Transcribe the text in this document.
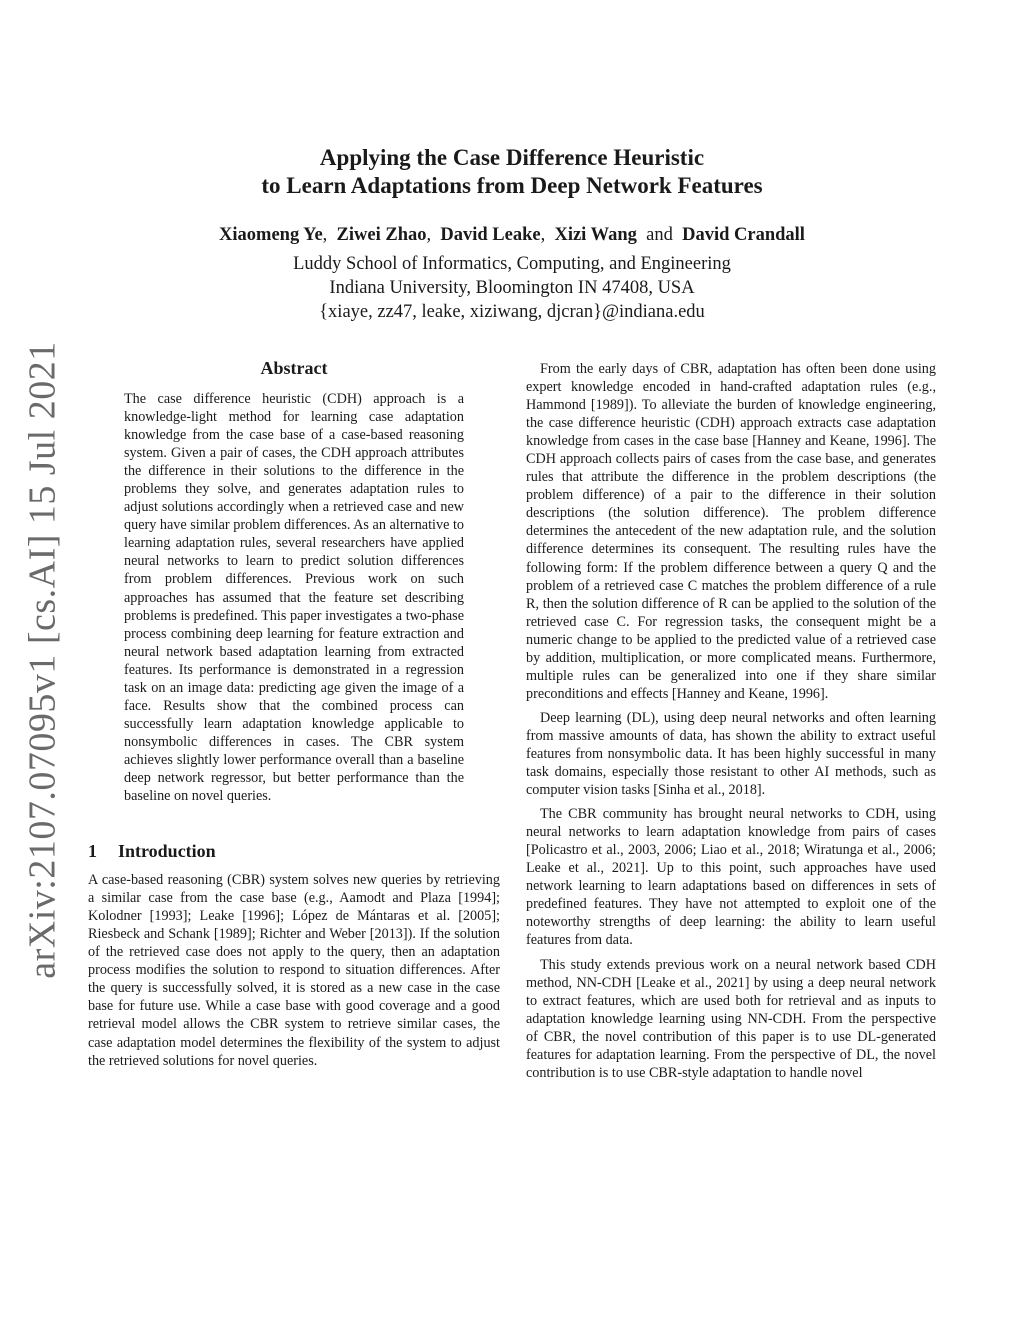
arXiv:2107.07095v1 [cs.AI] 15 Jul 2021
Applying the Case Difference Heuristic
to Learn Adaptations from Deep Network Features
Xiaomeng Ye, Ziwei Zhao, David Leake, Xizi Wang and David Crandall
Luddy School of Informatics, Computing, and Engineering
Indiana University, Bloomington IN 47408, USA
{xiaye, zz47, leake, xiziwang, djcran}@indiana.edu
Abstract
The case difference heuristic (CDH) approach is a knowledge-light method for learning case adaptation knowledge from the case base of a case-based reasoning system. Given a pair of cases, the CDH approach attributes the difference in their solutions to the difference in the problems they solve, and generates adaptation rules to adjust solutions accordingly when a retrieved case and new query have similar problem differences. As an alternative to learning adaptation rules, several researchers have applied neural networks to learn to predict solution differences from problem differences. Previous work on such approaches has assumed that the feature set describing problems is predefined. This paper investigates a two-phase process combining deep learning for feature extraction and neural network based adaptation learning from extracted features. Its performance is demonstrated in a regression task on an image data: predicting age given the image of a face. Results show that the combined process can successfully learn adaptation knowledge applicable to nonsymbolic differences in cases. The CBR system achieves slightly lower performance overall than a baseline deep network regressor, but better performance than the baseline on novel queries.
1 Introduction

A case-based reasoning (CBR) system solves new queries by retrieving a similar case from the case base (e.g., Aamodt and Plaza [1994]; Kolodner [1993]; Leake [1996]; López de Mántaras et al. [2005]; Riesbeck and Schank [1989]; Richter and Weber [2013]). If the solution of the retrieved case does not apply to the query, then an adaptation process modifies the solution to respond to situation differences. After the query is successfully solved, it is stored as a new case in the case base for future use. While a case base with good coverage and a good retrieval model allows the CBR system to retrieve similar cases, the case adaptation model determines the flexibility of the system to adjust the retrieved solutions for novel queries.

From the early days of CBR, adaptation has often been done using expert knowledge encoded in hand-crafted adaptation rules (e.g., Hammond [1989]). To alleviate the burden of knowledge engineering, the case difference heuristic (CDH) approach extracts case adaptation knowledge from cases in the case base [Hanney and Keane, 1996]. The CDH approach collects pairs of cases from the case base, and generates rules that attribute the difference in the problem descriptions (the problem difference) of a pair to the difference in their solution descriptions (the solution difference). The problem difference determines the antecedent of the new adaptation rule, and the solution difference determines its consequent. The resulting rules have the following form: If the problem difference between a query Q and the problem of a retrieved case C matches the problem difference of a rule R, then the solution difference of R can be applied to the solution of the retrieved case C. For regression tasks, the consequent might be a numeric change to be applied to the predicted value of a retrieved case by addition, multiplication, or more complicated means. Furthermore, multiple rules can be generalized into one if they share similar preconditions and effects [Hanney and Keane, 1996].

Deep learning (DL), using deep neural networks and often learning from massive amounts of data, has shown the ability to extract useful features from nonsymbolic data. It has been highly successful in many task domains, especially those resistant to other AI methods, such as computer vision tasks [Sinha et al., 2018].

The CBR community has brought neural networks to CDH, using neural networks to learn adaptation knowledge from pairs of cases [Policastro et al., 2003, 2006; Liao et al., 2018; Wiratunga et al., 2006; Leake et al., 2021]. Up to this point, such approaches have used network learning to learn adaptations based on differences in sets of predefined features. They have not attempted to exploit one of the noteworthy strengths of deep learning: the ability to learn useful features from data.

This study extends previous work on a neural network based CDH method, NN-CDH [Leake et al., 2021] by using a deep neural network to extract features, which are used both for retrieval and as inputs to adaptation knowledge learning using NN-CDH. From the perspective of CBR, the novel contribution of this paper is to use DL-generated features for adaptation learning. From the perspective of DL, the novel contribution is to use CBR-style adaptation to handle novel
